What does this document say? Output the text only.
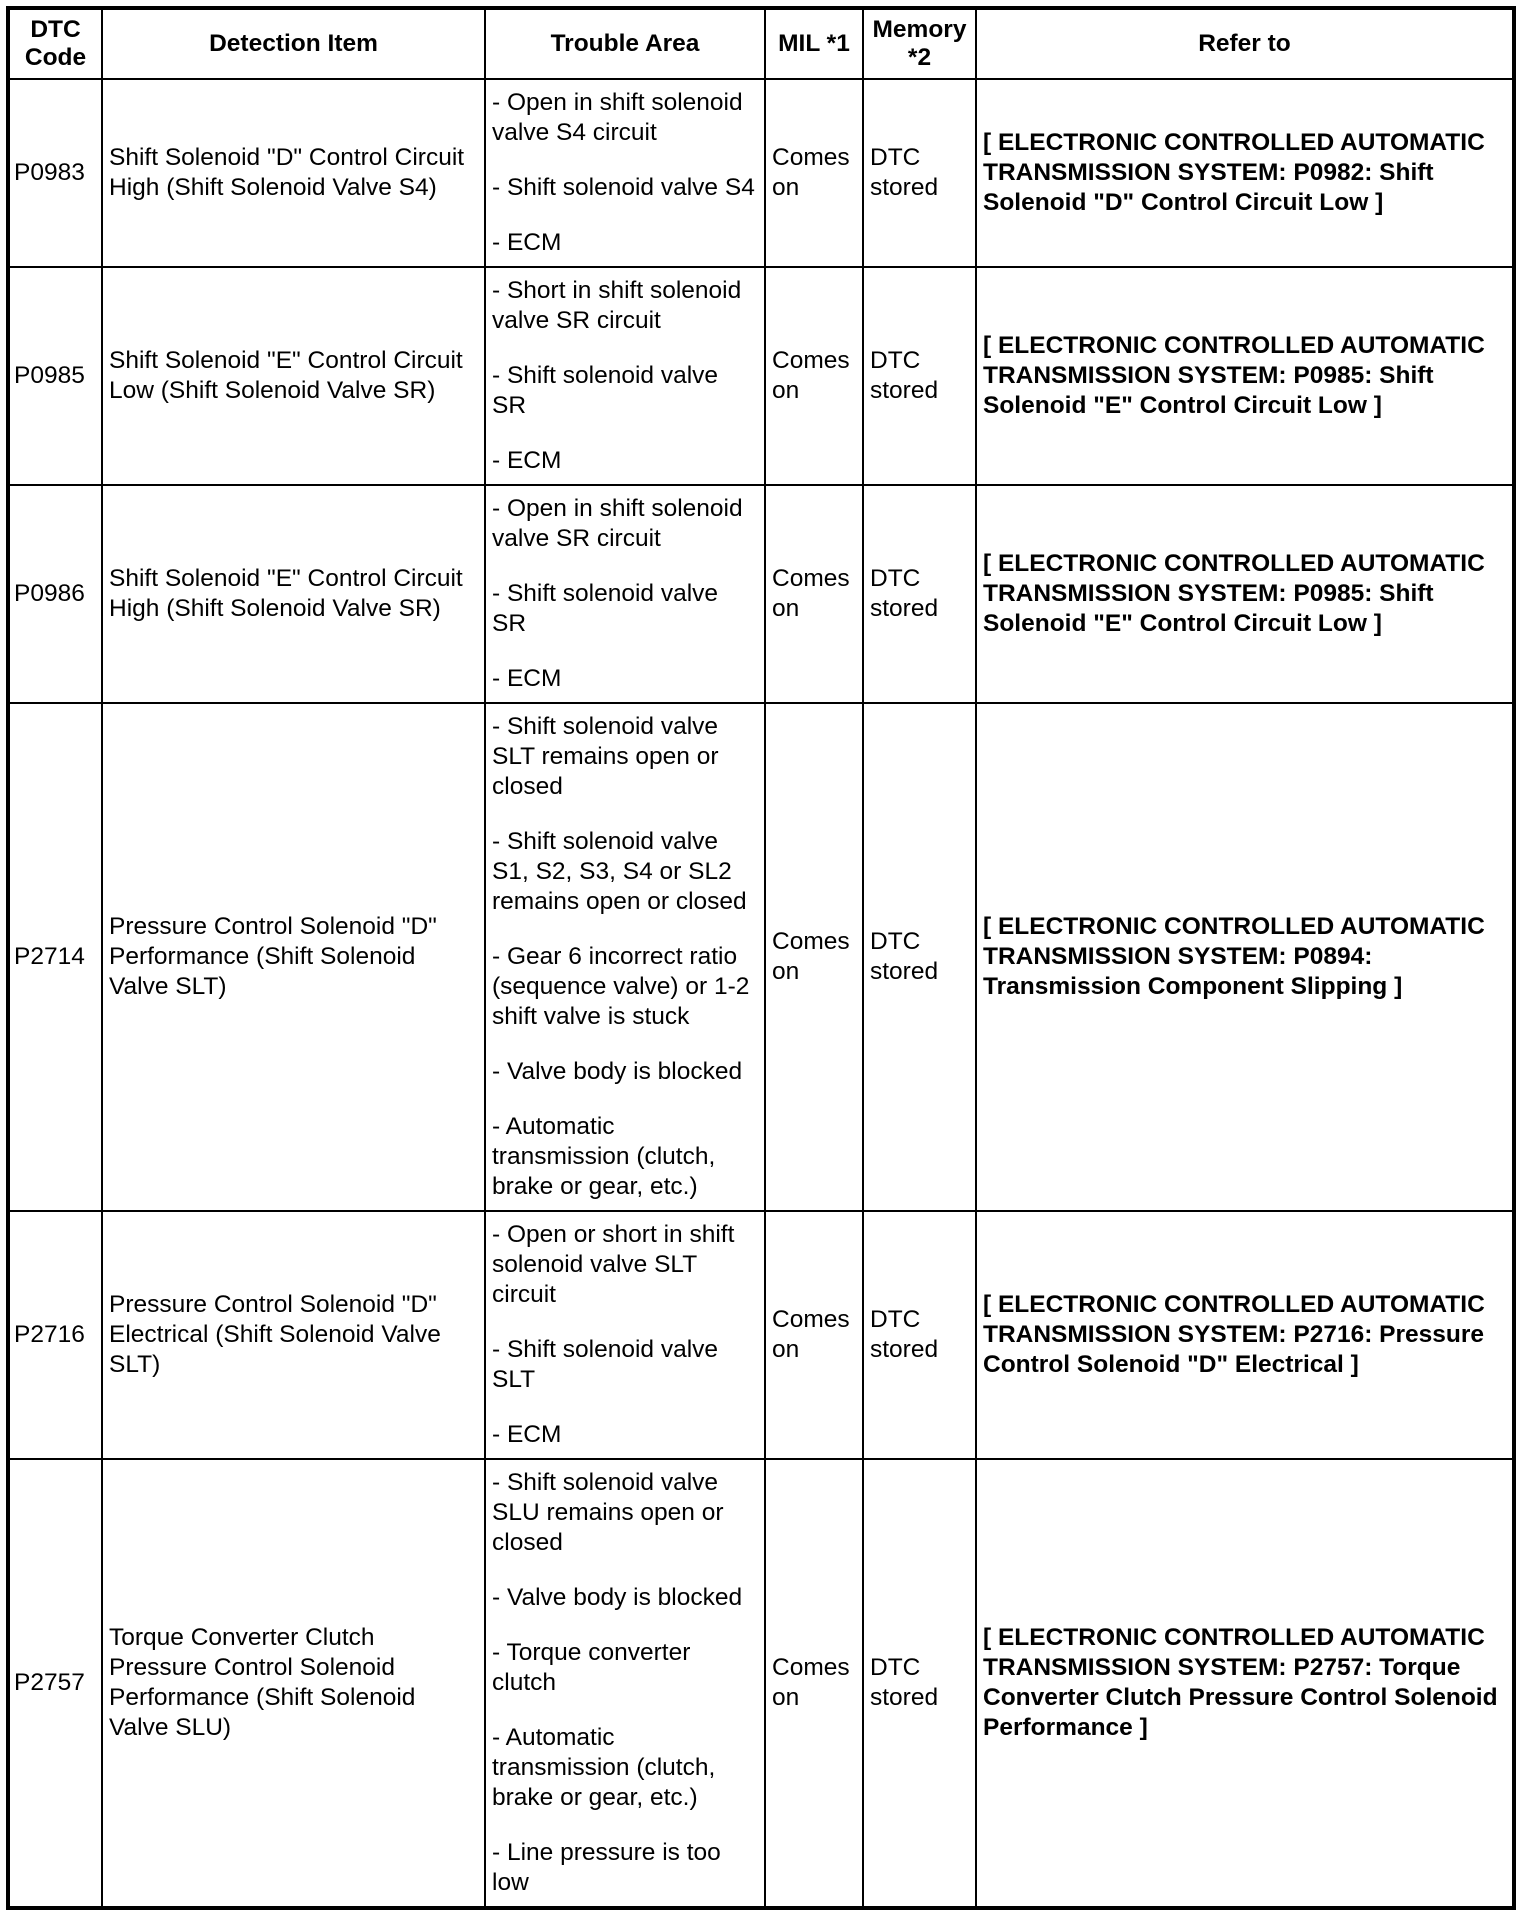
DTC
Code	Detection Item	Trouble Area	MIL *1	Memory
*2	Refer to
P0983	Shift Solenoid "D" Control Circuit High (Shift Solenoid Valve S4)	- Open in shift solenoid valve S4 circuit

- Shift solenoid valve S4

- ECM	Comes on	DTC stored	[ ELECTRONIC CONTROLLED AUTOMATIC TRANSMISSION SYSTEM: P0982: Shift Solenoid "D" Control Circuit Low ]
P0985	Shift Solenoid "E" Control Circuit Low (Shift Solenoid Valve SR)	- Short in shift solenoid valve SR circuit

- Shift solenoid valve SR

- ECM	Comes on	DTC stored	[ ELECTRONIC CONTROLLED AUTOMATIC TRANSMISSION SYSTEM: P0985: Shift Solenoid "E" Control Circuit Low ]
P0986	Shift Solenoid "E" Control Circuit High (Shift Solenoid Valve SR)	- Open in shift solenoid valve SR circuit

- Shift solenoid valve SR

- ECM	Comes on	DTC stored	[ ELECTRONIC CONTROLLED AUTOMATIC TRANSMISSION SYSTEM: P0985: Shift Solenoid "E" Control Circuit Low ]
P2714	Pressure Control Solenoid "D" Performance (Shift Solenoid Valve SLT)	- Shift solenoid valve SLT remains open or closed

- Shift solenoid valve S1, S2, S3, S4 or SL2 remains open or closed

- Gear 6 incorrect ratio (sequence valve) or 1-2 shift valve is stuck

- Valve body is blocked

- Automatic transmission (clutch, brake or gear, etc.)	Comes on	DTC stored	[ ELECTRONIC CONTROLLED AUTOMATIC TRANSMISSION SYSTEM: P0894: Transmission Component Slipping ]
P2716	Pressure Control Solenoid "D" Electrical (Shift Solenoid Valve SLT)	- Open or short in shift solenoid valve SLT circuit

- Shift solenoid valve SLT

- ECM	Comes on	DTC stored	[ ELECTRONIC CONTROLLED AUTOMATIC TRANSMISSION SYSTEM: P2716: Pressure Control Solenoid "D" Electrical ]
P2757	Torque Converter Clutch Pressure Control Solenoid Performance (Shift Solenoid Valve SLU)	- Shift solenoid valve SLU remains open or closed

- Valve body is blocked

- Torque converter clutch

- Automatic transmission (clutch, brake or gear, etc.)

- Line pressure is too low	Comes on	DTC stored	[ ELECTRONIC CONTROLLED AUTOMATIC TRANSMISSION SYSTEM: P2757: Torque Converter Clutch Pressure Control Solenoid Performance ]
